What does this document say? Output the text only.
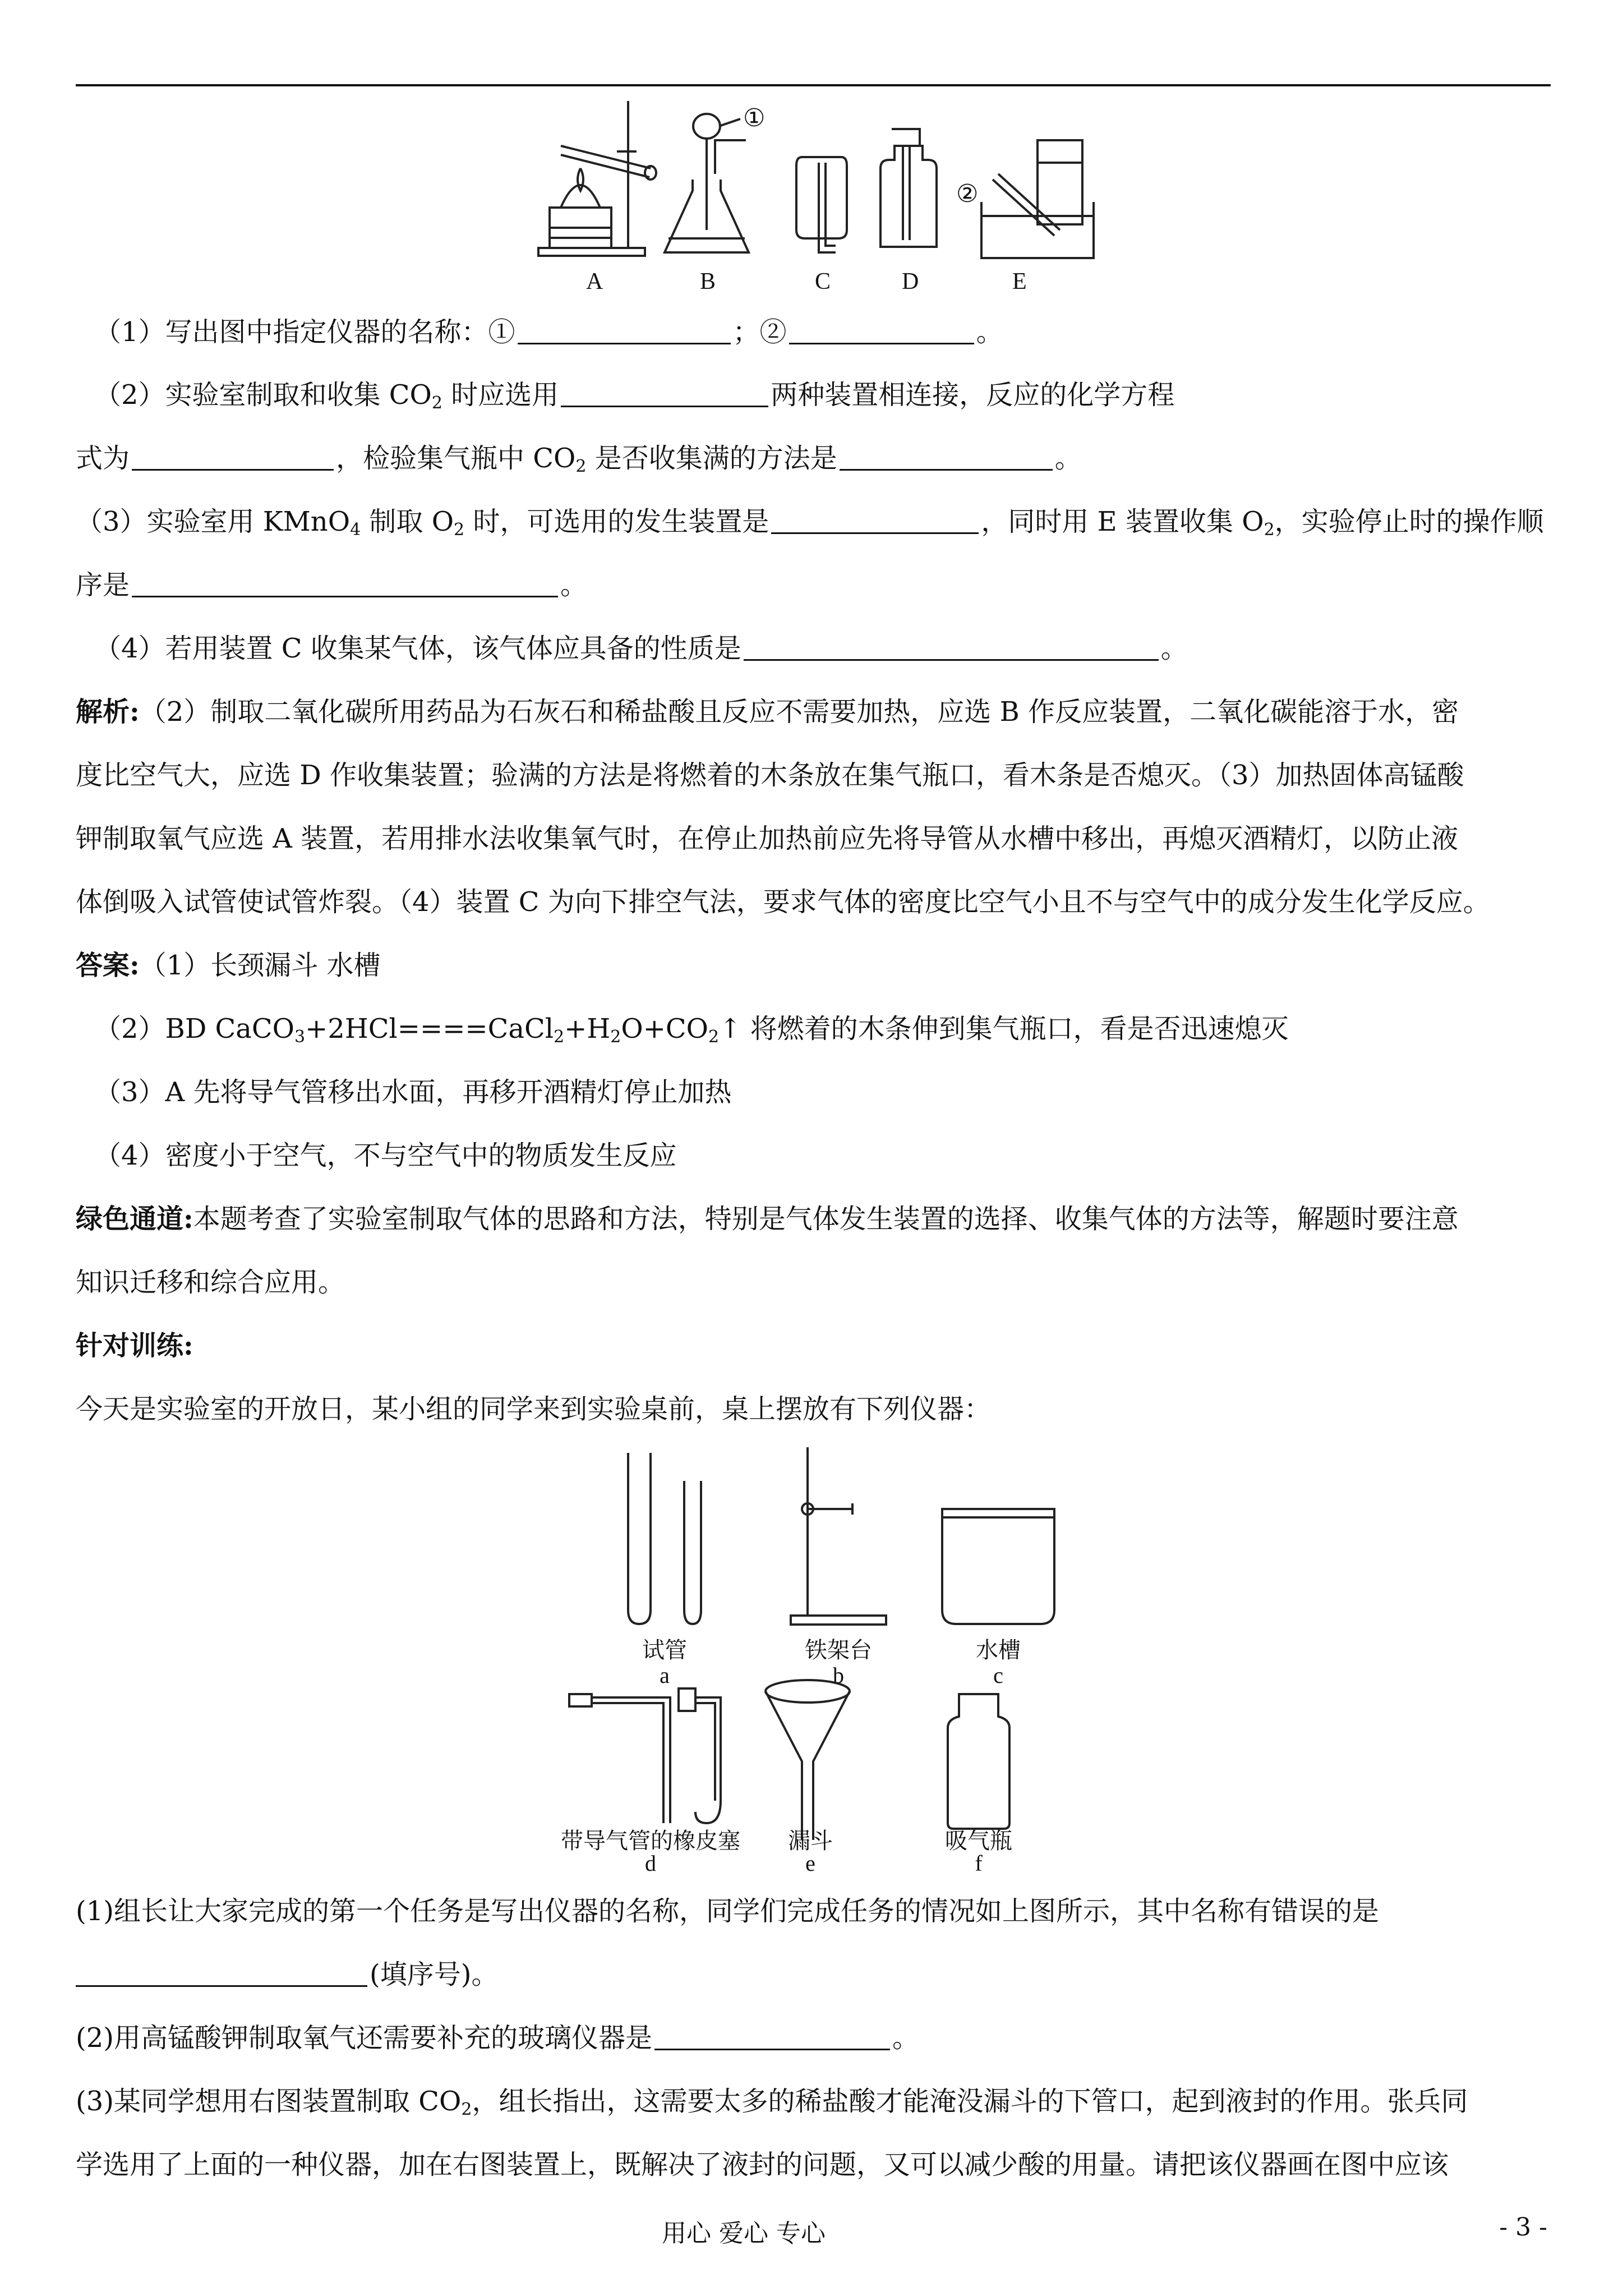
A	B	C	D	E
①
②
（1）写出图中指定仪器的名称：①	；②	。
（2）实验室制取和收集 $CO_2$ 时应选用	两种装置相连接，反应的化学方程
式为	，检验集气瓶中 $CO_2$ 是否收集满的方法是	。
（3）实验室用 KMnO$_4$ 制取 $O_2$ 时，可选用的发生装置是	，同时用 E 装置收集 $O_2$，实验停止时的操作顺
序是	。
（4）若用装置 C 收集某气体，该气体应具备的性质是	。
解析:（2）制取二氧化碳所用药品为石灰石和稀盐酸且反应不需要加热，应选 B 作反应装置，二氧化碳能溶于水，密
度比空气大，应选 D 作收集装置；验满的方法是将燃着的木条放在集气瓶口，看木条是否熄灭。（3）加热固体高锰酸
钾制取氧气应选 A 装置，若用排水法收集氧气时，在停止加热前应先将导管从水槽中移出，再熄灭酒精灯，以防止液
体倒吸入试管使试管炸裂。（4）装置 C 为向下排空气法，要求气体的密度比空气小且不与空气中的成分发生化学反应。
答案:（1）长颈漏斗 水槽
（2）BD $CaCO_3+2HCl====CaCl_2+H_2O+CO_2↑$ 将燃着的木条伸到集气瓶口，看是否迅速熄灭
（3）A 先将导气管移出水面，再移开酒精灯停止加热
（4）密度小于空气，不与空气中的物质发生反应
绿色通道:本题考查了实验室制取气体的思路和方法，特别是气体发生装置的选择、收集气体的方法等，解题时要注意
知识迁移和综合应用。
针对训练:
今天是实验室的开放日，某小组的同学来到实验桌前，桌上摆放有下列仪器：
试管
a
铁架台
b
水槽
c
带导气管的橡皮塞
d
漏斗
e
吸气瓶
f
(1)组长让大家完成的第一个任务是写出仪器的名称，同学们完成任务的情况如上图所示，其中名称有错误的是
(填序号)。
(2)用高锰酸钾制取氧气还需要补充的玻璃仪器是	。
(3)某同学想用右图装置制取 $CO_2$，组长指出，这需要太多的稀盐酸才能淹没漏斗的下管口，起到液封的作用。张兵同
学选用了上面的一种仪器，加在右图装置上，既解决了液封的问题，又可以减少酸的用量。请把该仪器画在图中应该
用心 爱心 专心	- 3 -
